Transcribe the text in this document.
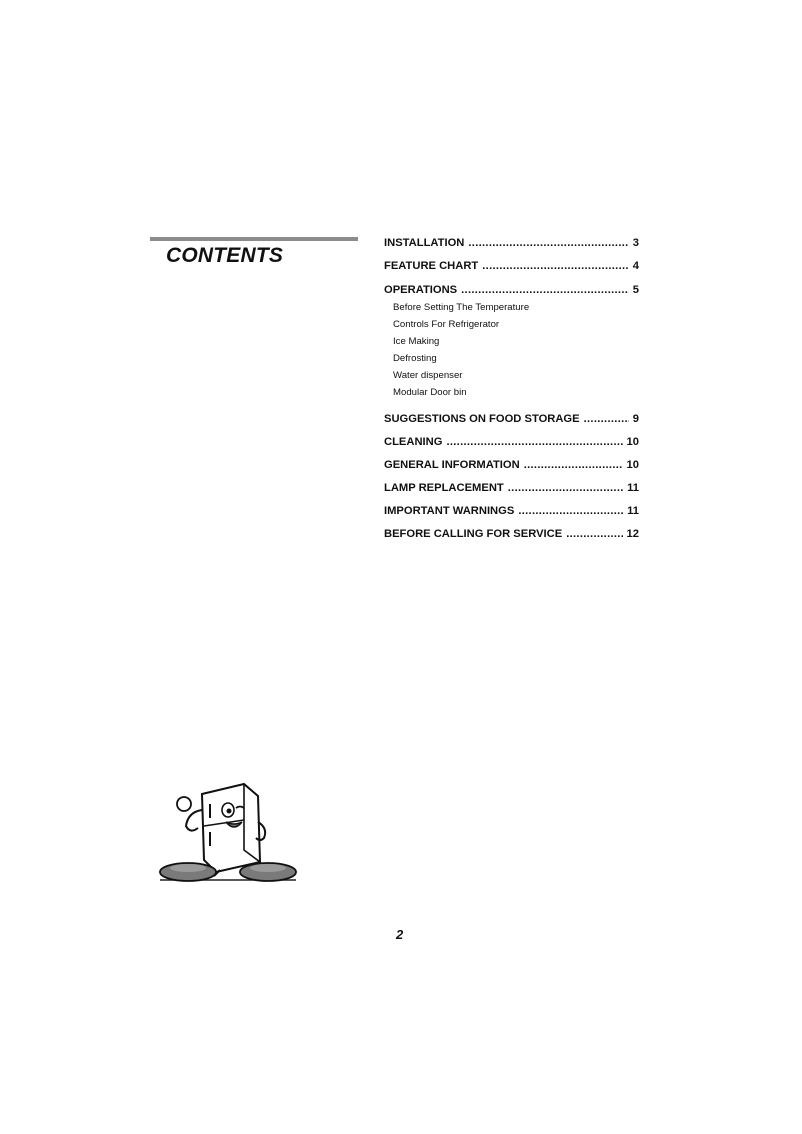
CONTENTS
INSTALLATION .....	3
FEATURE CHART .....	4
OPERATIONS .....	5
Before Setting The Temperature
Controls For Refrigerator
Ice Making
Defrosting
Water dispenser
Modular Door bin
SUGGESTIONS ON FOOD STORAGE .....	9
CLEANING .....	10
GENERAL INFORMATION .....	10
LAMP REPLACEMENT .....	11
IMPORTANT WARNINGS .....	11
BEFORE CALLING FOR SERVICE .....	12
2
